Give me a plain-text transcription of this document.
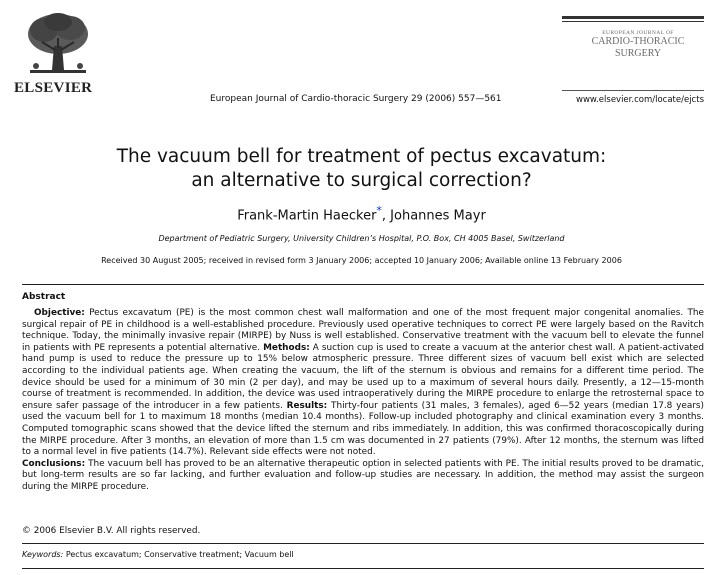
ELSEVIER
European Journal of Cardio-thoracic Surgery 29 (2006) 557—561
EUROPEAN JOURNAL OF
CARDIO-THORACIC
SURGERY
www.elsevier.com/locate/ejcts
The vacuum bell for treatment of pectus excavatum:
an alternative to surgical correction?
Frank-Martin Haecker*, Johannes Mayr
Department of Pediatric Surgery, University Children’s Hospital, P.O. Box, CH 4005 Basel, Switzerland
Received 30 August 2005; received in revised form 3 January 2006; accepted 10 January 2006; Available online 13 February 2006
Abstract

Objective: Pectus excavatum (PE) is the most common chest wall malformation and one of the most frequent major congenital anomalies. The surgical repair of PE in childhood is a well-established procedure. Previously used operative techniques to correct PE were largely based on the Ravitch technique. Today, the minimally invasive repair (MIRPE) by Nuss is well established. Conservative treatment with the vacuum bell to elevate the funnel in patients with PE represents a potential alternative. Methods: A suction cup is used to create a vacuum at the anterior chest wall. A patient-activated hand pump is used to reduce the pressure up to 15% below atmospheric pressure. Three different sizes of vacuum bell exist which are selected according to the individual patients age. When creating the vacuum, the lift of the sternum is obvious and remains for a different time period. The device should be used for a minimum of 30 min (2 per day), and may be used up to a maximum of several hours daily. Presently, a 12—15-month course of treatment is recommended. In addition, the device was used intraoperatively during the MIRPE procedure to enlarge the retrosternal space to ensure safer passage of the introducer in a few patients. Results: Thirty-four patients (31 males, 3 females), aged 6—52 years (median 17.8 years) used the vacuum bell for 1 to maximum 18 months (median 10.4 months). Follow-up included photography and clinical examination every 3 months. Computed tomographic scans showed that the device lifted the sternum and ribs immediately. In addition, this was confirmed thoracoscopically during the MIRPE procedure. After 3 months, an elevation of more than 1.5 cm was documented in 27 patients (79%). After 12 months, the sternum was lifted to a normal level in five patients (14.7%). Relevant side effects were not noted.
Conclusions: The vacuum bell has proved to be an alternative therapeutic option in selected patients with PE. The initial results proved to be dramatic, but long-term results are so far lacking, and further evaluation and follow-up studies are necessary. In addition, the method may assist the surgeon during the MIRPE procedure.

© 2006 Elsevier B.V. All rights reserved.
Keywords: Pectus excavatum; Conservative treatment; Vacuum bell
